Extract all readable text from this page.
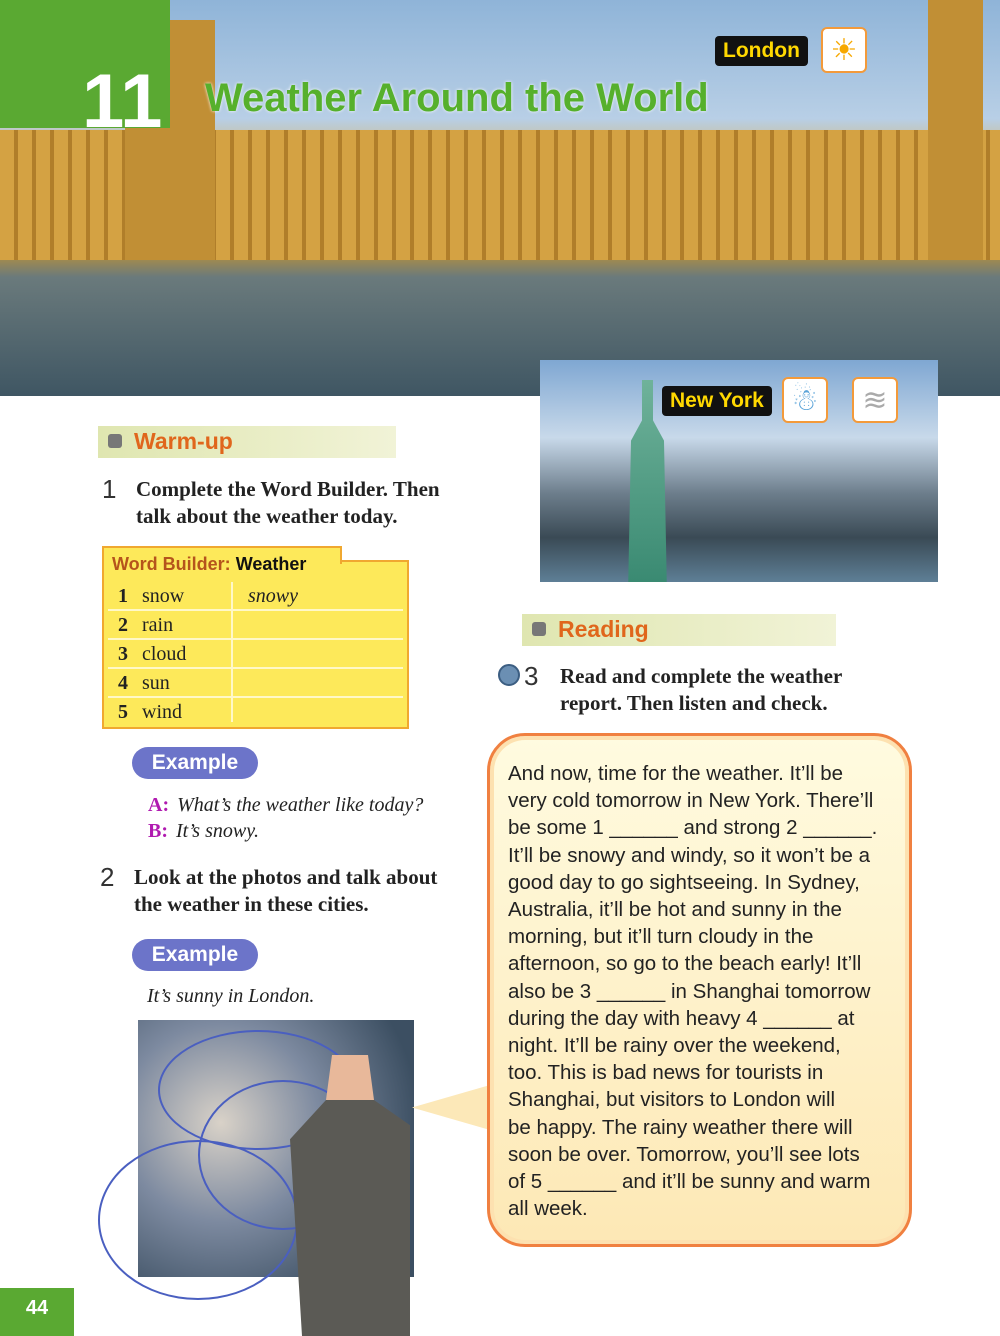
11 Weather Around the World
London	☀
New York ☃	≋
Warm-up
1 Complete the Word Builder. Then
talk about the weather today.
Word Builder: Weather
1 snow	snowy
2 rain
3 cloud
4 sun
5 wind
Example
A: What’s the weather like today?
B: It’s snowy.
2 Look at the photos and talk about
the weather in these cities.
Example
It’s sunny in London.
Reading
3 Read and complete the weather
report. Then listen and check.
And now, time for the weather. It’ll be
very cold tomorrow in New York. There’ll
be some 1 ______ and strong 2 ______.
It’ll be snowy and windy, so it won’t be a
good day to go sightseeing. In Sydney,
Australia, it’ll be hot and sunny in the
morning, but it’ll turn cloudy in the
afternoon, so go to the beach early! It’ll
also be 3 ______ in Shanghai tomorrow
during the day with heavy 4 ______ at
night. It’ll be rainy over the weekend,
too. This is bad news for tourists in
Shanghai, but visitors to London will
be happy. The rainy weather there will
soon be over. Tomorrow, you’ll see lots
of 5 ______ and it’ll be sunny and warm
all week.
44
